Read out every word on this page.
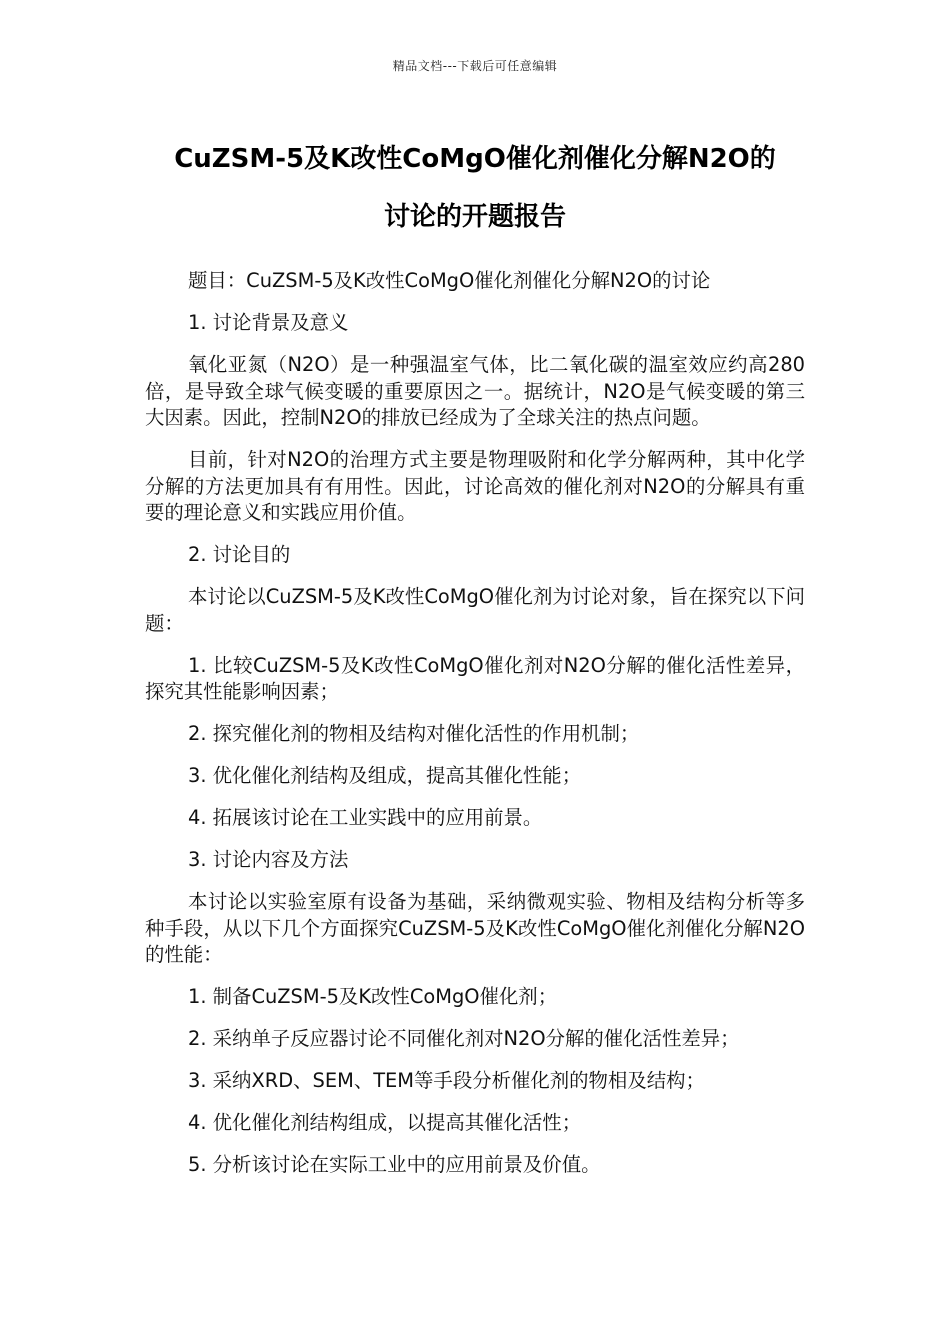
精品文档---下载后可任意编辑
CuZSM-5及K改性CoMgO催化剂催化分解N2O的
讨论的开题报告

题目：CuZSM-5及K改性CoMgO催化剂催化分解N2O的讨论

1. 讨论背景及意义

氧化亚氮（N2O）是一种强温室气体，比二氧化碳的温室效应约高280倍，是导致全球气候变暖的重要原因之一。据统计，N2O是气候变暖的第三大因素。因此，控制N2O的排放已经成为了全球关注的热点问题。

目前，针对N2O的治理方式主要是物理吸附和化学分解两种，其中化学分解的方法更加具有有用性。因此，讨论高效的催化剂对N2O的分解具有重要的理论意义和实践应用价值。

2. 讨论目的

本讨论以CuZSM-5及K改性CoMgO催化剂为讨论对象，旨在探究以下问题：

1. 比较CuZSM-5及K改性CoMgO催化剂对N2O分解的催化活性差异，探究其性能影响因素；

2. 探究催化剂的物相及结构对催化活性的作用机制；

3. 优化催化剂结构及组成，提高其催化性能；

4. 拓展该讨论在工业实践中的应用前景。

3. 讨论内容及方法

本讨论以实验室原有设备为基础，采纳微观实验、物相及结构分析等多种手段，从以下几个方面探究CuZSM-5及K改性CoMgO催化剂催化分解N2O的性能：

1. 制备CuZSM-5及K改性CoMgO催化剂；

2. 采纳单子反应器讨论不同催化剂对N2O分解的催化活性差异；

3. 采纳XRD、SEM、TEM等手段分析催化剂的物相及结构；

4. 优化催化剂结构组成，以提高其催化活性；

5. 分析该讨论在实际工业中的应用前景及价值。
